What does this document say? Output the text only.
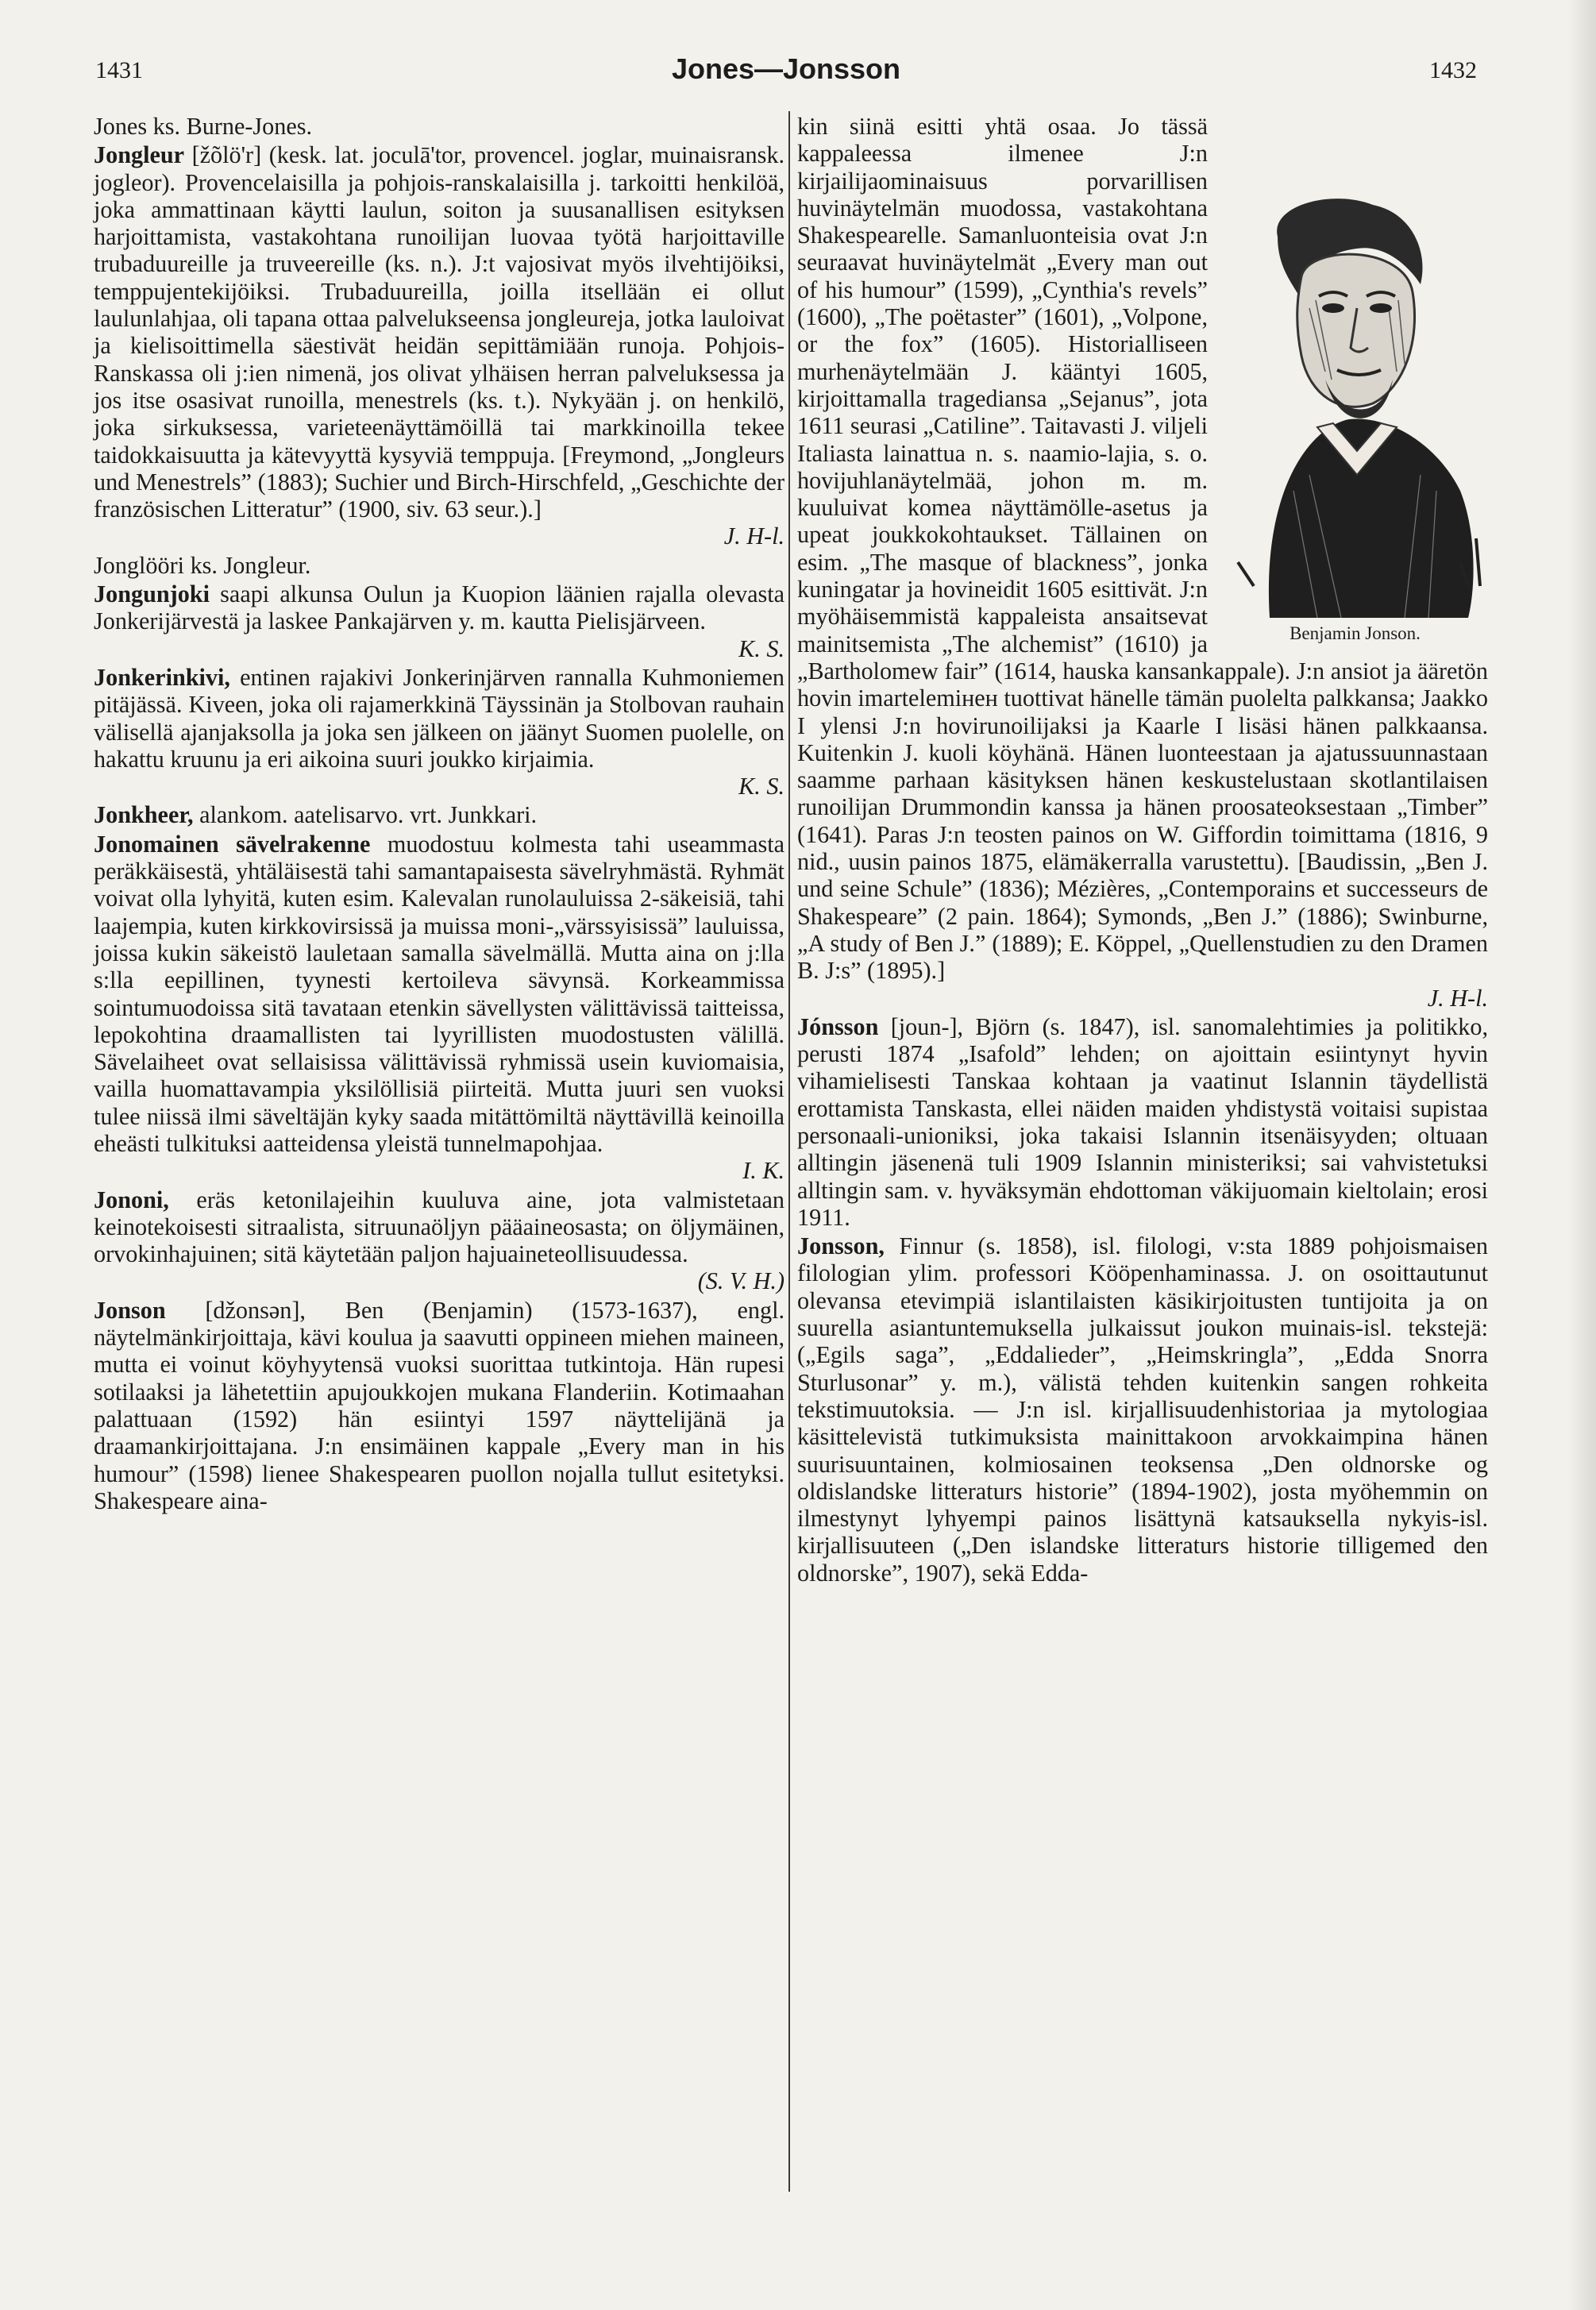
1431	Jones—Jonsson	1432

Jones ks. Burne-Jones.

Jongleur [žõlö'r] (kesk. lat. joculā'tor, provencel. joglar, muinaisransk. jogleor). Provencelaisilla ja pohjois-ranskalaisilla j. tarkoitti henkilöä, joka ammattinaan käytti laulun, soiton ja suusanallisen esityksen harjoittamista, vastakohtana runoilijan luovaa työtä harjoittaville trubaduureille ja truveereille (ks. n.). J:t vajosivat myös ilvehtijöiksi, temppujentekijöiksi. Trubaduureilla, joilla itsellään ei ollut laulunlahjaa, oli tapana ottaa palvelukseensa jongleureja, jotka lauloivat ja kielisoittimella säestivät heidän sepittämiään runoja. Pohjois-Ranskassa oli j:ien nimenä, jos olivat ylhäisen herran palveluksessa ja jos itse osasivat runoilla, menestrels (ks. t.). Nykyään j. on henkilö, joka sirkuksessa, varieteenäyttämöillä tai markkinoilla tekee taidokkaisuutta ja kätevyyttä kysyviä temppuja. [Freymond, „Jongleurs und Menestrels” (1883); Suchier und Birch-Hirschfeld, „Geschichte der französischen Litteratur” (1900, siv. 63 seur.).]

J. H-l.

Jonglööri ks. Jongleur.

Jongunjoki saapi alkunsa Oulun ja Kuopion läänien rajalla olevasta Jonkerijärvestä ja laskee Pankajärven y. m. kautta Pielisjärveen.

K. S.

Jonkerinkivi, entinen rajakivi Jonkerinjärven rannalla Kuhmoniemen pitäjässä. Kiveen, joka oli rajamerkkinä Täyssinän ja Stolbovan rauhain välisellä ajanjaksolla ja joka sen jälkeen on jäänyt Suomen puolelle, on hakattu kruunu ja eri aikoina suuri joukko kirjaimia.

K. S.

Jonkheer, alankom. aatelisarvo. vrt. Junkkari.

Jonomainen sävelrakenne muodostuu kolmesta tahi useammasta peräkkäisestä, yhtäläisestä tahi samantapaisesta sävelryhmästä. Ryhmät voivat olla lyhyitä, kuten esim. Kalevalan runolauluissa 2-säkeisiä, tahi laajempia, kuten kirkkovirsissä ja muissa moni-„värssyisissä” lauluissa, joissa kukin säkeistö lauletaan samalla sävelmällä. Mutta aina on j:lla s:lla eepillinen, tyynesti kertoileva sävynsä. Korkeammissa sointumuodoissa sitä tavataan etenkin sävellysten välittävissä taitteissa, lepokohtina draamallisten tai lyyrillisten muodostusten välillä. Sävelaiheet ovat sellaisissa välittävissä ryhmissä usein kuviomaisia, vailla huomattavampia yksilöllisiä piirteitä. Mutta juuri sen vuoksi tulee niissä ilmi säveltäjän kyky saada mitättömiltä näyttävillä keinoilla eheästi tulkituksi aatteidensa yleistä tunnelmapohjaa.

I. K.

Jononi, eräs ketonilajeihin kuuluva aine, jota valmistetaan keinotekoisesti sitraalista, sitruunaöljyn pääaineosasta; on öljymäinen, orvokinhajuinen; sitä käytetään paljon hajuaineteollisuudessa.

(S. V. H.)

Jonson [džonsən], Ben (Benjamin) (1573-1637), engl. näytelmänkirjoittaja, kävi koulua ja saavutti oppineen miehen maineen, mutta ei voinut köyhyytensä vuoksi suorittaa tutkintoja. Hän rupesi sotilaaksi ja lähetettiin apujoukkojen mukana Flanderiin. Kotimaahan palattuaan (1592) hän esiintyi 1597 näyttelijänä ja draamankirjoittajana. J:n ensimäinen kappale „Every man in his humour” (1598) lienee Shakespearen puollon nojalla tullut esitetyksi. Shakespeare aina-

Benjamin Jonson.

kin siinä esitti yhtä osaa. Jo tässä kappaleessa ilmenee J:n kirjailijaominaisuus porvarillisen huvinäytelmän muodossa, vastakohtana Shakespearelle. Samanluonteisia ovat J:n seuraavat huvinäytelmät „Every man out of his humour” (1599), „Cynthia's revels” (1600), „The poëtaster” (1601), „Volpone, or the fox” (1605). Historialliseen murhenäytelmään J. kääntyi 1605, kirjoittamalla tragediansa „Sejanus”, jota 1611 seurasi „Catiline”. Taitavasti J. viljeli Italiasta lainattua n. s. naamio-lajia, s. o. hovijuhlanäytelmää, johon m. m. kuuluivat komea näyttämölle-asetus ja upeat joukkokohtaukset. Tällainen on esim. „The masque of blackness”, jonka kuningatar ja hovineidit 1605 esittivät. J:n myöhäisemmistä kappaleista ansaitsevat mainitsemista „The alchemist” (1610) ja „Bartholomew fair” (1614, hauska kansankappale). J:n ansiot ja ääretön hovin imartelemінен tuottivat hänelle tämän puolelta palkkansa; Jaakko I ylensi J:n hovirunoilijaksi ja Kaarle I lisäsi hänen palkkaansa. Kuitenkin J. kuoli köyhänä. Hänen luonteestaan ja ajatussuunnastaan saamme parhaan käsityksen hänen keskustelustaan skotlantilaisen runoilijan Drummondin kanssa ja hänen proosateoksestaan „Timber” (1641). Paras J:n teosten painos on W. Giffordin toimittama (1816, 9 nid., uusin painos 1875, elämäkerralla varustettu). [Baudissin, „Ben J. und seine Schule” (1836); Mézières, „Contemporains et successeurs de Shakespeare” (2 pain. 1864); Symonds, „Ben J.” (1886); Swinburne, „A study of Ben J.” (1889); E. Köppel, „Quellenstudien zu den Dramen B. J:s” (1895).]

J. H-l.

Jónsson [joun-], Björn (s. 1847), isl. sanomalehtimies ja politikko, perusti 1874 „Isafold” lehden; on ajoittain esiintynyt hyvin vihamielisesti Tanskaa kohtaan ja vaatinut Islannin täydellistä erottamista Tanskasta, ellei näiden maiden yhdistystä voitaisi supistaa personaali-unioniksi, joka takaisi Islannin itsenäisyyden; oltuaan alltingin jäsenenä tuli 1909 Islannin ministeriksi; sai vahvistetuksi alltingin sam. v. hyväksymän ehdottoman väkijuomain kieltolain; erosi 1911.

Jonsson, Finnur (s. 1858), isl. filologi, v:sta 1889 pohjoismaisen filologian ylim. professori Kööpenhaminassa. J. on osoittautunut olevansa etevimpiä islantilaisten käsikirjoitusten tuntijoita ja on suurella asiantuntemuksella julkaissut joukon muinais-isl. tekstejä: („Egils saga”, „Eddalieder”, „Heimskringla”, „Edda Snorra Sturlusonar” y. m.), välistä tehden kuitenkin sangen rohkeita tekstimuutoksia. — J:n isl. kirjallisuudenhistoriaa ja mytologiaa käsittelevistä tutkimuksista mainittakoon arvokkaimpina hänen suurisuuntainen, kolmiosainen teoksensa „Den oldnorske og oldislandske litteraturs historie” (1894-1902), josta myöhemmin on ilmestynyt lyhyempi painos lisättynä katsauksella nykyis-isl. kirjallisuuteen („Den islandske litteraturs historie tilligemed den oldnorske”, 1907), sekä Edda-
